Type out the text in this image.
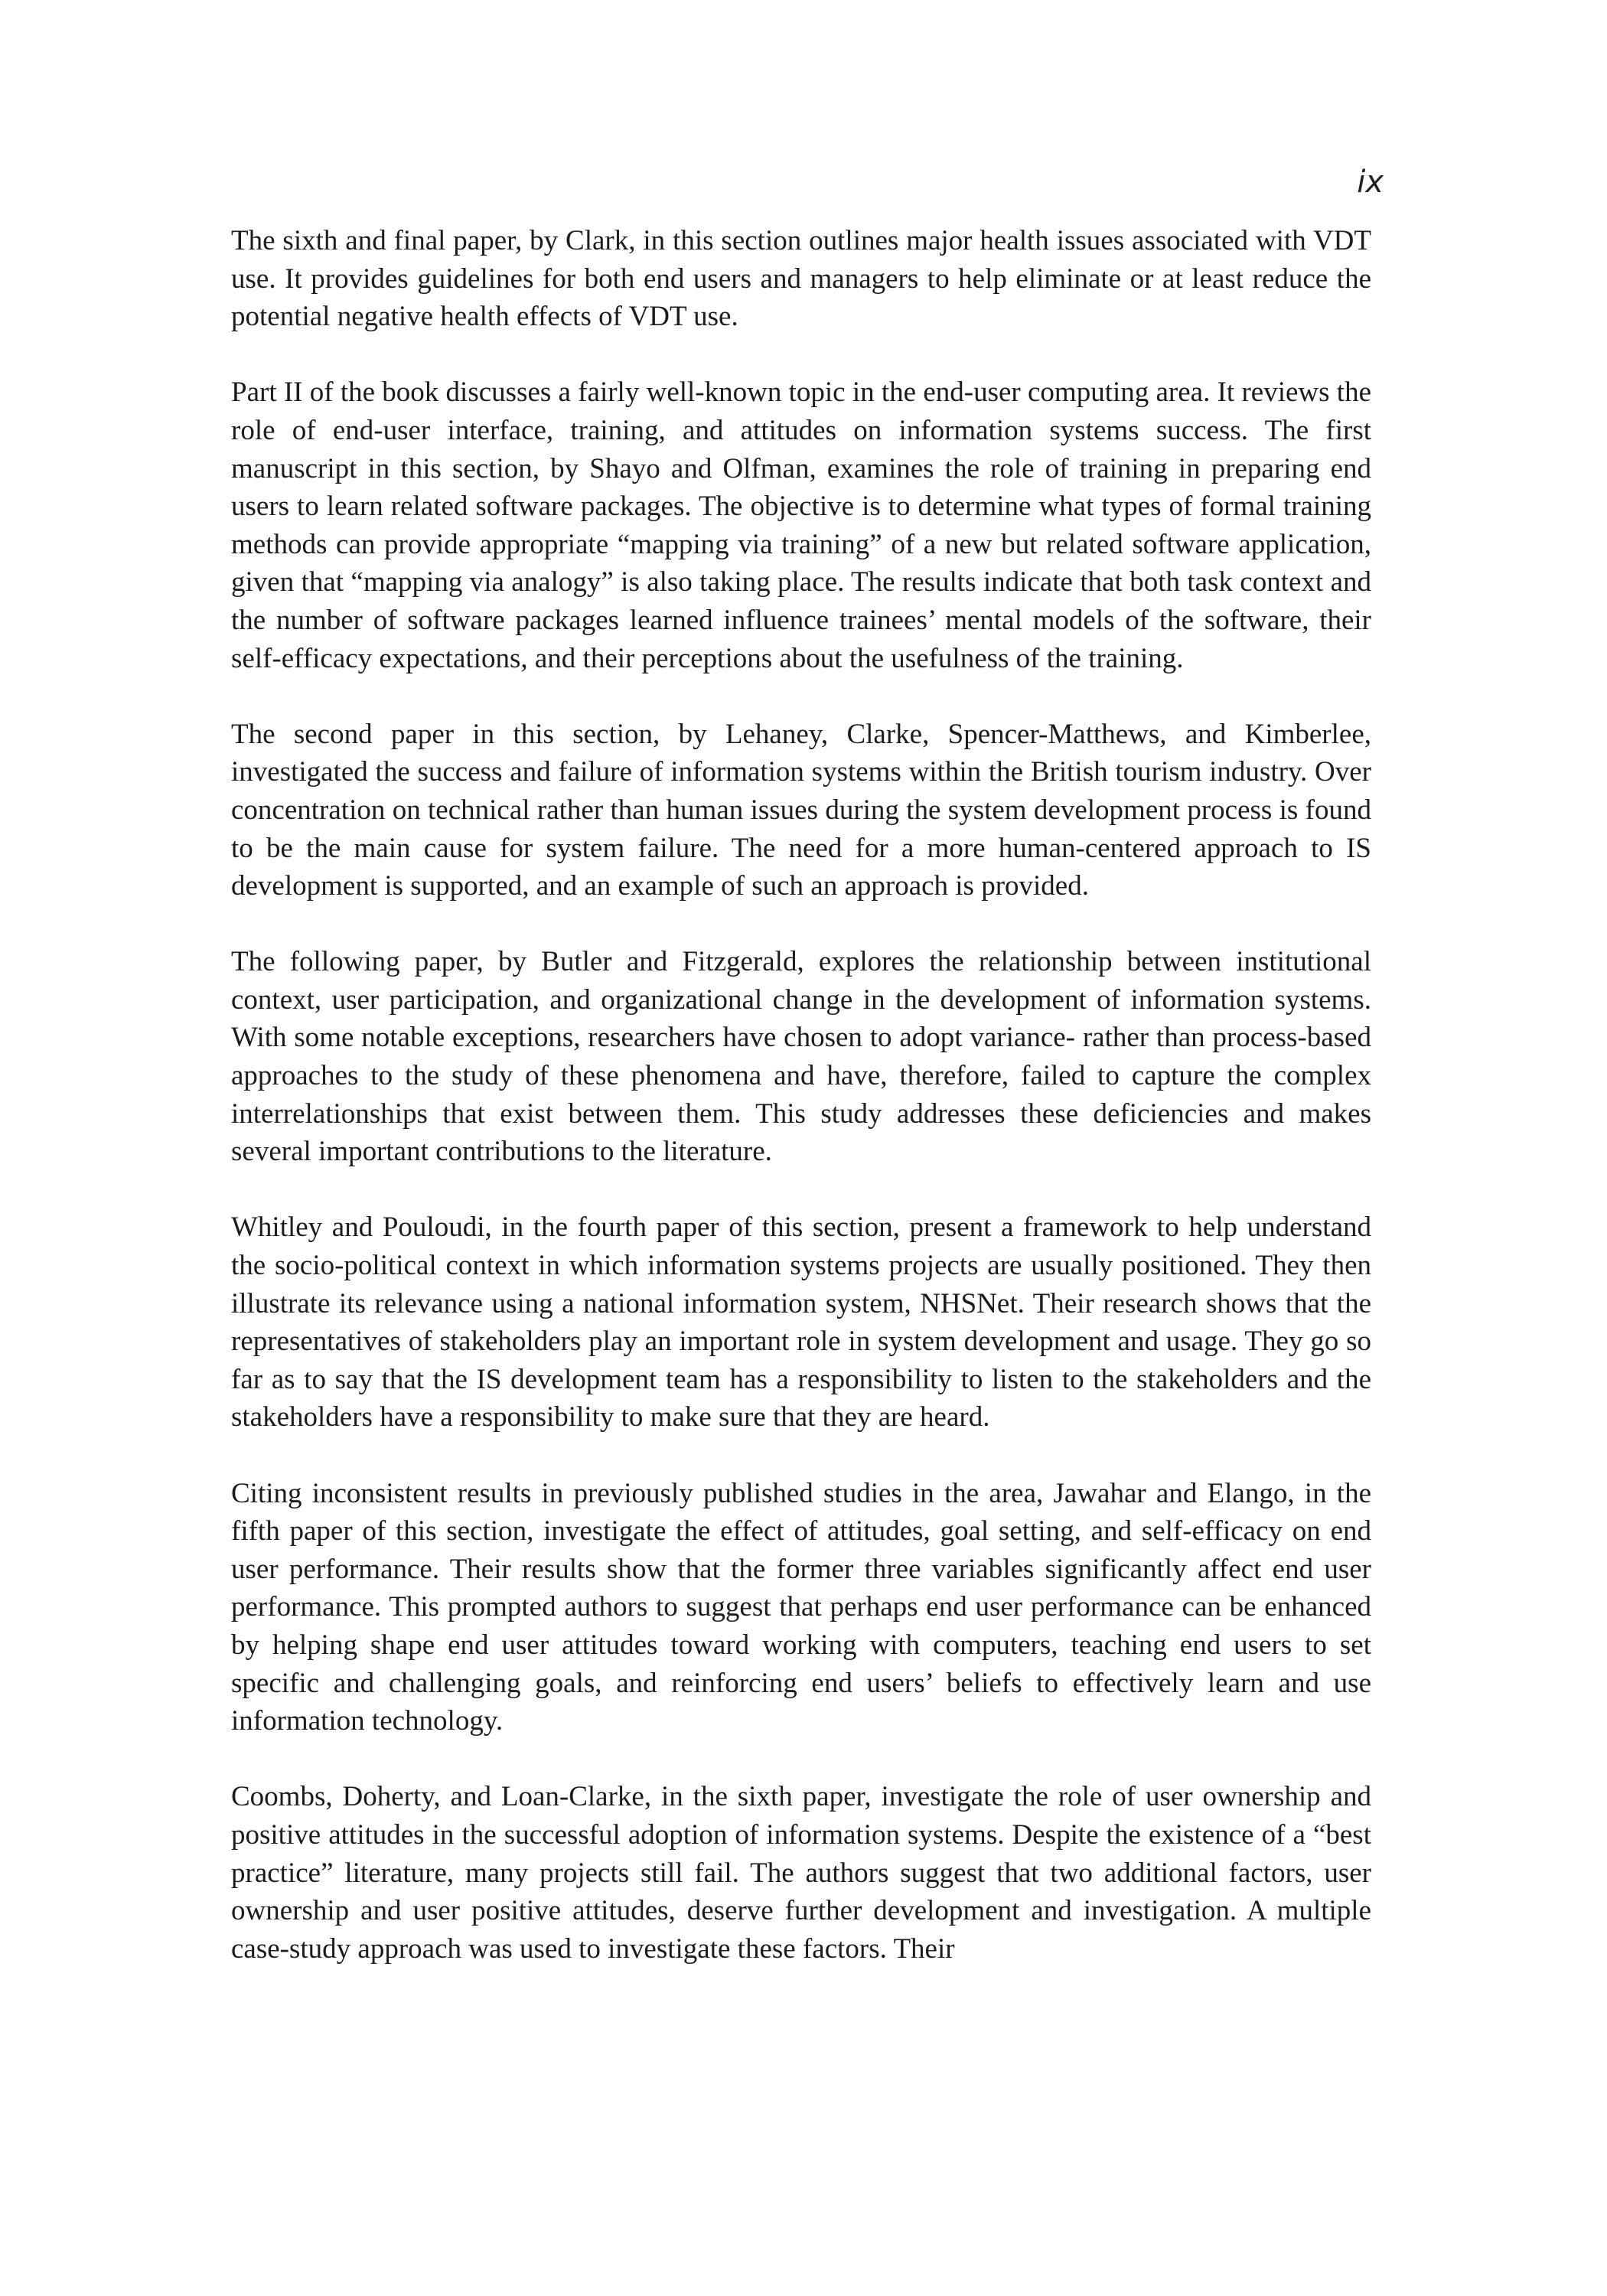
ix

The sixth and final paper, by Clark, in this section outlines major health issues associated with VDT use. It provides guidelines for both end users and managers to help eliminate or at least reduce the potential negative health effects of VDT use.

Part II of the book discusses a fairly well-known topic in the end-user computing area. It reviews the role of end-user interface, training, and attitudes on information systems success. The first manuscript in this section, by Shayo and Olfman, examines the role of training in preparing end users to learn related software packages. The objective is to determine what types of formal training methods can provide appropriate “mapping via training” of a new but related software application, given that “mapping via analogy” is also taking place. The results indicate that both task context and the number of software packages learned influence trainees’ mental models of the software, their self-efficacy expectations, and their perceptions about the usefulness of the training.

The second paper in this section, by Lehaney, Clarke, Spencer-Matthews, and Kimberlee, investigated the success and failure of information systems within the British tourism industry. Over concentration on technical rather than human issues during the system development process is found to be the main cause for system failure. The need for a more human-centered approach to IS development is supported, and an example of such an approach is provided.

The following paper, by Butler and Fitzgerald, explores the relationship between institutional context, user participation, and organizational change in the development of information systems. With some notable exceptions, researchers have chosen to adopt variance- rather than process-based approaches to the study of these phenomena and have, therefore, failed to capture the complex interrelationships that exist between them. This study addresses these deficiencies and makes several important contributions to the literature.

Whitley and Pouloudi, in the fourth paper of this section, present a framework to help understand the socio-political context in which information systems projects are usually positioned. They then illustrate its relevance using a national information system, NHSNet. Their research shows that the representatives of stakeholders play an important role in system development and usage. They go so far as to say that the IS development team has a responsibility to listen to the stakeholders and the stakeholders have a responsibility to make sure that they are heard.

Citing inconsistent results in previously published studies in the area, Jawahar and Elango, in the fifth paper of this section, investigate the effect of attitudes, goal setting, and self-efficacy on end user performance. Their results show that the former three variables significantly affect end user performance. This prompted authors to suggest that perhaps end user performance can be enhanced by helping shape end user attitudes toward working with computers, teaching end users to set specific and challenging goals, and reinforcing end users’ beliefs to effectively learn and use information technology.

Coombs, Doherty, and Loan-Clarke, in the sixth paper, investigate the role of user ownership and positive attitudes in the successful adoption of information systems. Despite the existence of a “best practice” literature, many projects still fail. The authors suggest that two additional factors, user ownership and user positive attitudes, deserve further development and investigation. A multiple case-study approach was used to investigate these factors. Their
